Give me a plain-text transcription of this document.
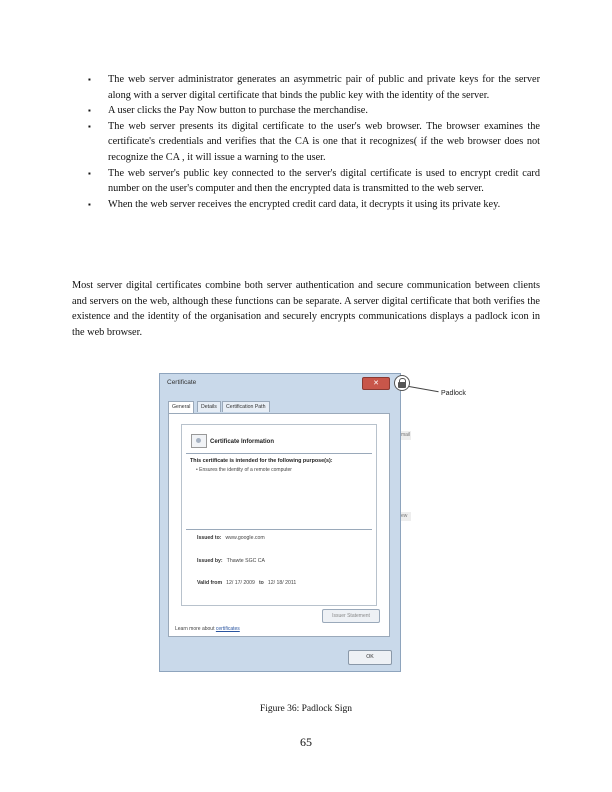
▪ The web server administrator generates an asymmetric pair of public and private keys for the server along with a server digital certificate that binds the public key with the identity of the server.
▪ A user clicks the Pay Now button to purchase the merchandise.
▪ The web server presents its digital certificate to the user's web browser. The browser examines the certificate's credentials and verifies that the CA is one that it recognizes( if the web browser does not recognize the CA , it will issue a warning to the user.
▪ The web server's public key connected to the server's digital certificate is used to encrypt credit card number on the user's computer and then the encrypted data is transmitted to the web server.
▪ When the web server receives the encrypted credit card data, it decrypts it using its private key.

Most server digital certificates combine both server authentication and secure communication between clients and servers on the web, although these functions can be separate. A server digital certificate that both verifies the existence and the identity of the organisation and securely encrypts communications displays a padlock icon in the web browser.

Certificate	✕
General	Details	Certification Path
Certificate Information
This certificate is intended for the following purpose(s):
• Ensures the identity of a remote computer
Issued to: www.google.com
Issued by: Thawte SGC CA
Valid from 12/ 17/ 2009 to 12/ 18/ 2011
Issuer Statement
Learn more about certificates
OK
mail
ew
Padlock
Figure 36: Padlock Sign
65
